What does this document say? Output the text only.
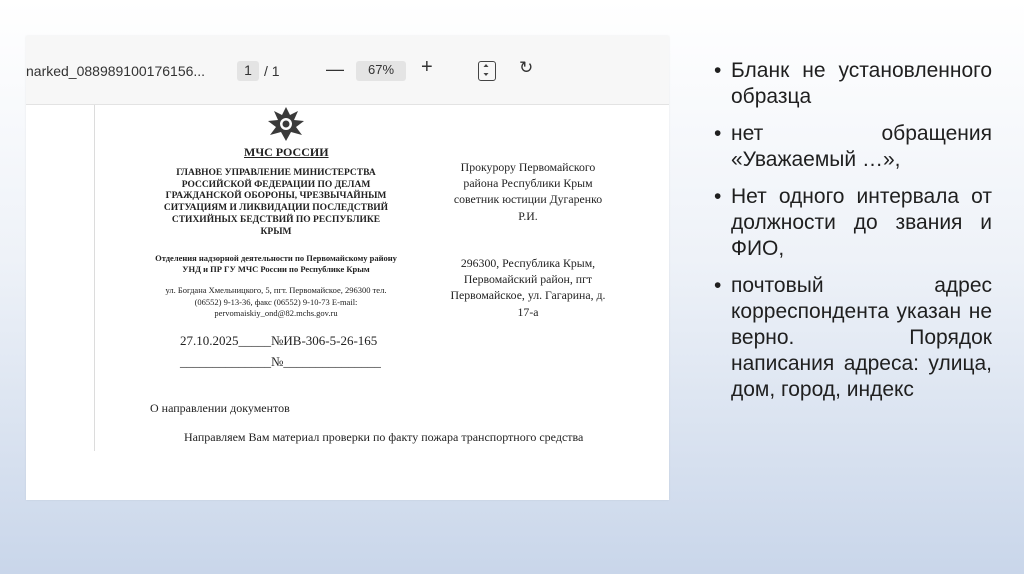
narked_088989100176156...	1 / 1	—	67%	+	↻
МЧС РОССИИ
ГЛАВНОЕ УПРАВЛЕНИЕ МИНИСТЕРСТВА РОССИЙСКОЙ ФЕДЕРАЦИИ ПО ДЕЛАМ ГРАЖДАНСКОЙ ОБОРОНЫ, ЧРЕЗВЫЧАЙНЫМ СИТУАЦИЯМ И ЛИКВИДАЦИИ ПОСЛЕДСТВИЙ СТИХИЙНЫХ БЕДСТВИЙ ПО РЕСПУБЛИКЕ КРЫМ
Отделения надзорной деятельности по Первомайскому району УНД и ПР ГУ МЧС России по Республике Крым
ул. Богдана Хмельницкого, 5, пгт. Первомайское, 296300 тел. (06552) 9-13-36, факс (06552) 9-10-73 E-mail: pervomaiskiy_ond@82.mchs.gov.ru
27.10.2025_____№ИВ-306-5-26-165
______________№_______________
Прокурору Первомайского района Республики Крым советник юстиции Дугаренко Р.И.
296300, Республика Крым, Первомайский район, пгт Первомайское, ул. Гагарина, д. 17-а
О направлении документов
Направляем Вам материал проверки по факту пожара транспортного средства
• Бланк не установленного образца
• нет обращения «Уважаемый …»,
• Нет одного интервала от должности до звания и ФИО,
• почтовый адрес корреспондента указан не верно. Порядок написания адреса: улица, дом, город, индекс
